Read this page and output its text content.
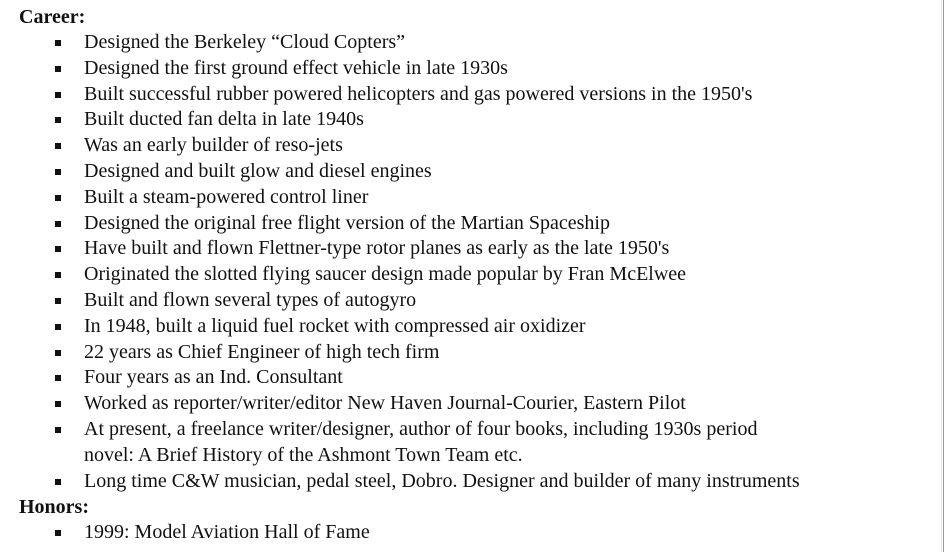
Career:
Designed the Berkeley “Cloud Copters”
Designed the first ground effect vehicle in late 1930s
Built successful rubber powered helicopters and gas powered versions in the 1950's
Built ducted fan delta in late 1940s
Was an early builder of reso-jets
Designed and built glow and diesel engines
Built a steam-powered control liner
Designed the original free flight version of the Martian Spaceship
Have built and flown Flettner-type rotor planes as early as the late 1950's
Originated the slotted flying saucer design made popular by Fran McElwee
Built and flown several types of autogyro
In 1948, built a liquid fuel rocket with compressed air oxidizer
22 years as Chief Engineer of high tech firm
Four years as an Ind. Consultant
Worked as reporter/writer/editor New Haven Journal-Courier, Eastern Pilot
At present, a freelance writer/designer, author of four books, including 1930s period
novel: A Brief History of the Ashmont Town Team etc.
Long time C&W musician, pedal steel, Dobro. Designer and builder of many instruments
Honors:
1999: Model Aviation Hall of Fame
